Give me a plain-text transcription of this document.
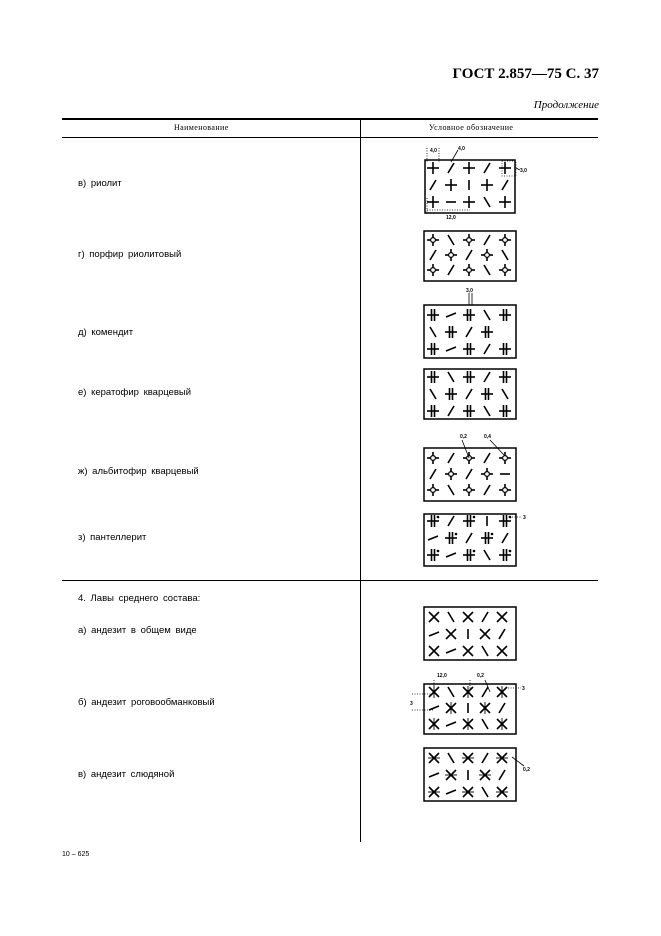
ГОСТ 2.857—75 С. 37
Продолжение
Наименование	Условное обозначение
в) риолит
г) порфир риолитовый
д) комендит
е) кератофир кварцевый
ж) альбитофир кварцевый
з) пантеллерит
4. Лавы среднего состава:
а) андезит в общем виде
б) андезит роговообманковый
в) андезит слюдяной
10 – 625
4,0	4,0
3,0
12,0
3,0
0,2	0,4
3
12,0	0,2
3
3
0,2
